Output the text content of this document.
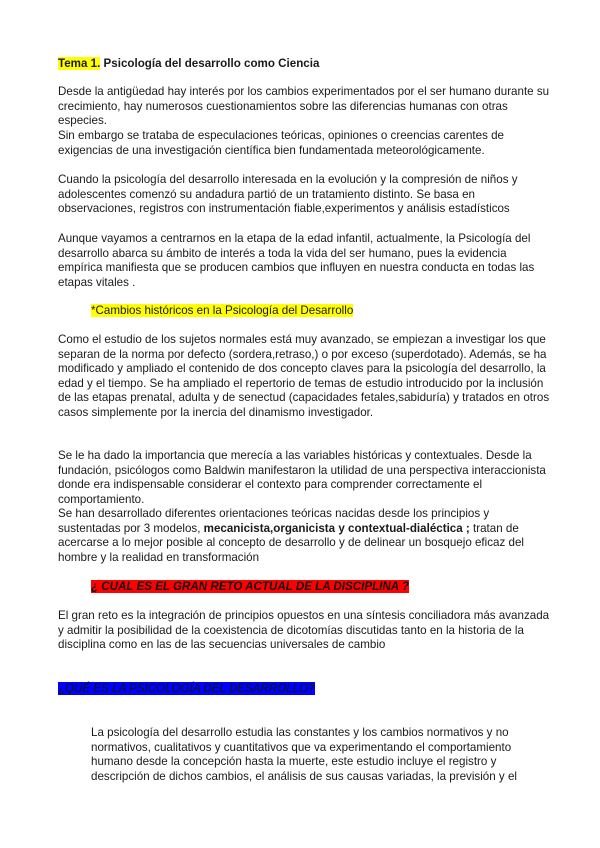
Tema 1. Psicología del desarrollo como Ciencia

Desde la antigüedad hay interés por los cambios experimentados por el ser humano durante su crecimiento, hay numerosos cuestionamientos sobre las diferencias humanas con otras especies.

Sin embargo se trataba de especulaciones teóricas, opiniones o creencias carentes de exigencias de una investigación científica bien fundamentada meteorológicamente.

Cuando la psicología del desarrollo interesada en la evolución y la compresión de niños y adolescentes comenzó su andadura partió de un tratamiento distinto. Se basa en observaciones, registros con instrumentación fiable,experimentos y análisis estadísticos

Aunque vayamos a centrarnos en la etapa de la edad infantil, actualmente, la Psicología del desarrollo abarca su ámbito de interés a toda la vida del ser humano, pues la evidencia empírica manifiesta que se producen cambios que influyen en nuestra conducta en todas las etapas vitales .

*Cambios históricos en la Psicología del Desarrollo

Como el estudio de los sujetos normales está muy avanzado, se empiezan a investigar los que separan de la norma por defecto (sordera,retraso,) o por exceso (superdotado). Además, se ha modificado y ampliado el contenido de dos concepto claves para la psicología del desarrollo, la edad y el tiempo. Se ha ampliado el repertorio de temas de estudio introducido por la inclusión de las etapas prenatal, adulta y de senectud (capacidades fetales,sabiduría) y tratados en otros casos simplemente por la inercia del dinamismo investigador.

Se le ha dado la importancia que merecía a las variables históricas y contextuales. Desde la fundación, psicólogos como Baldwin manifestaron la utilidad de una perspectiva interaccionista donde era indispensable considerar el contexto para comprender correctamente el comportamiento.

Se han desarrollado diferentes orientaciones teóricas nacidas desde los principios y sustentadas por 3 modelos, mecanicista,organicista y contextual-dialéctica ; tratan de acercarse a lo mejor posible al concepto de desarrollo y de delinear un bosquejo eficaz del hombre y la realidad en transformación

¿ CUAL ES EL GRAN RETO ACTUAL DE LA DISCIPLINA ?

El gran reto es la integración de principios opuestos en una síntesis conciliadora más avanzada y admitir la posibilidad de la coexistencia de dicotomías discutidas tanto en la historia de la disciplina como en las de las secuencias universales de cambio

¿QUÉ ES LA PSICOLOGÍA DEL DESARROLLO?

La psicología del desarrollo estudia las constantes y los cambios normativos y no normativos, cualitativos y cuantitativos que va experimentando el comportamiento humano desde la concepción hasta la muerte, este estudio incluye el registro y descripción de dichos cambios, el análisis de sus causas variadas, la previsión y el
